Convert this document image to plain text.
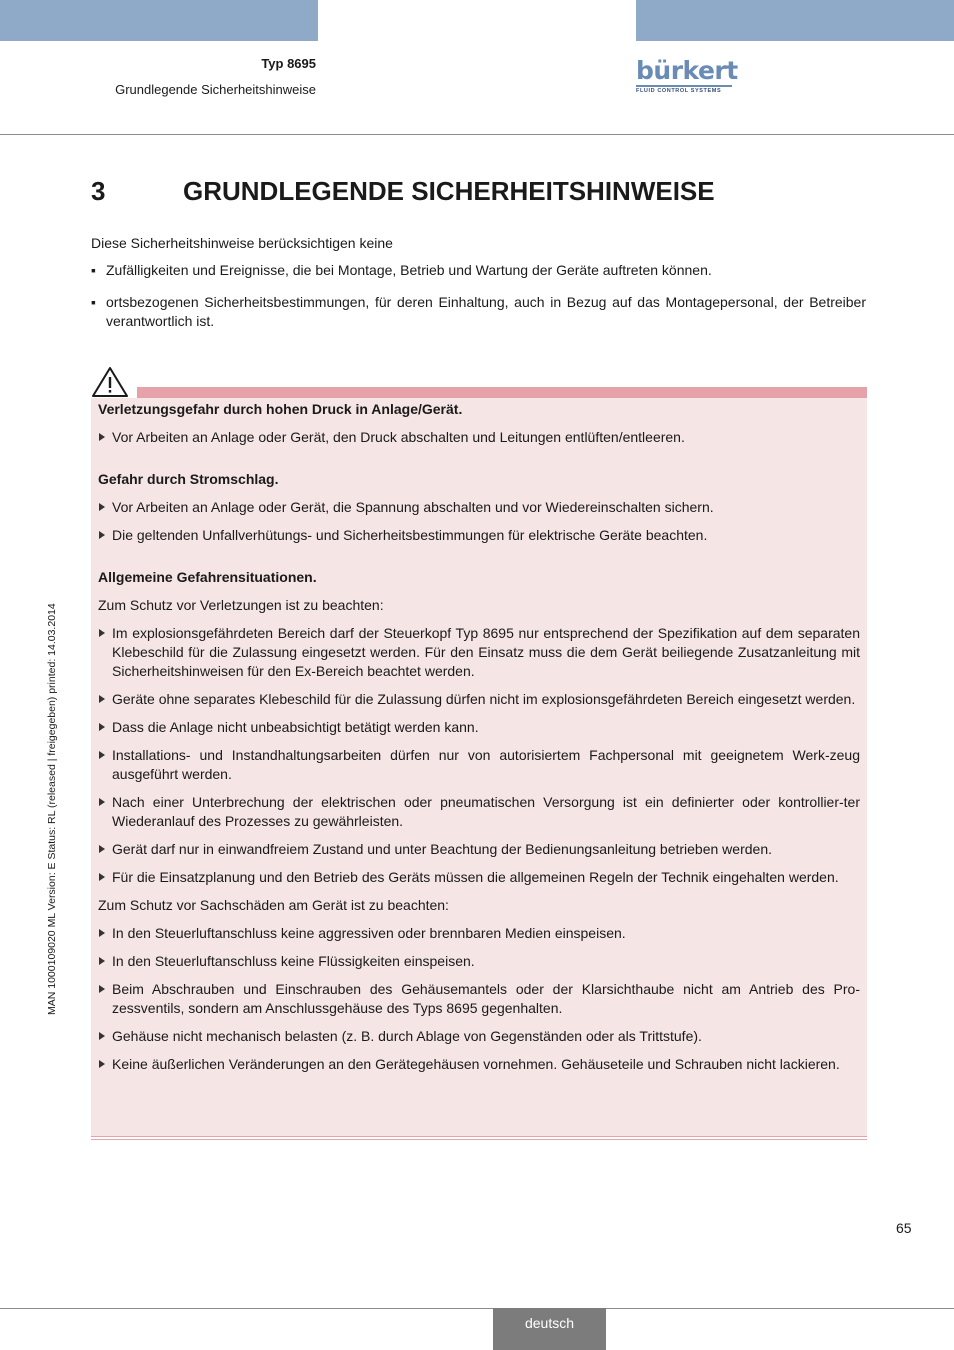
Typ 8695
Grundlegende Sicherheitshinweise
bürkert
FLUID CONTROL SYSTEMS
MAN 1000109020 ML Version: E Status: RL (released | freigegeben) printed: 14.03.2014
3	GRUNDLEGENDE SICHERHEITSHINWEISE

Diese Sicherheitshinweise berücksichtigen keine

▪ Zufälligkeiten und Ereignisse, die bei Montage, Betrieb und Wartung der Geräte auftreten können.
▪ ortsbezogenen Sicherheitsbestimmungen, für deren Einhaltung, auch in Bezug auf das Montagepersonal, der Betreiber verantwortlich ist.

Verletzungsgefahr durch hohen Druck in Anlage/Gerät.

Vor Arbeiten an Anlage oder Gerät, den Druck abschalten und Leitungen entlüften/entleeren.

Gefahr durch Stromschlag.

Vor Arbeiten an Anlage oder Gerät, die Spannung abschalten und vor Wiedereinschalten sichern.

Die geltenden Unfallverhütungs- und Sicherheitsbestimmungen für elektrische Geräte beachten.

Allgemeine Gefahrensituationen.

Zum Schutz vor Verletzungen ist zu beachten:

Im explosionsgefährdeten Bereich darf der Steuerkopf Typ 8695 nur entsprechend der Spezifikation auf dem separaten Klebeschild für die Zulassung eingesetzt werden. Für den Einsatz muss die dem Gerät beiliegende Zusatzanleitung mit Sicherheitshinweisen für den Ex-Bereich beachtet werden.

Geräte ohne separates Klebeschild für die Zulassung dürfen nicht im explosionsgefährdeten Bereich eingesetzt werden.

Dass die Anlage nicht unbeabsichtigt betätigt werden kann.

Installations- und Instandhaltungsarbeiten dürfen nur von autorisiertem Fachpersonal mit geeignetem Werk-zeug ausgeführt werden.

Nach einer Unterbrechung der elektrischen oder pneumatischen Versorgung ist ein definierter oder kontrollier-ter Wiederanlauf des Prozesses zu gewährleisten.

Gerät darf nur in einwandfreiem Zustand und unter Beachtung der Bedienungsanleitung betrieben werden.

Für die Einsatzplanung und den Betrieb des Geräts müssen die allgemeinen Regeln der Technik eingehalten werden.

Zum Schutz vor Sachschäden am Gerät ist zu beachten:

In den Steuerluftanschluss keine aggressiven oder brennbaren Medien einspeisen.

In den Steuerluftanschluss keine Flüssigkeiten einspeisen.

Beim Abschrauben und Einschrauben des Gehäusemantels oder der Klarsichthaube nicht am Antrieb des Pro-zessventils, sondern am Anschlussgehäuse des Typs 8695 gegenhalten.

Gehäuse nicht mechanisch belasten (z. B. durch Ablage von Gegenständen oder als Trittstufe).

Keine äußerlichen Veränderungen an den Gerätegehäusen vornehmen. Gehäuseteile und Schrauben nicht lackieren.

65
deutsch
